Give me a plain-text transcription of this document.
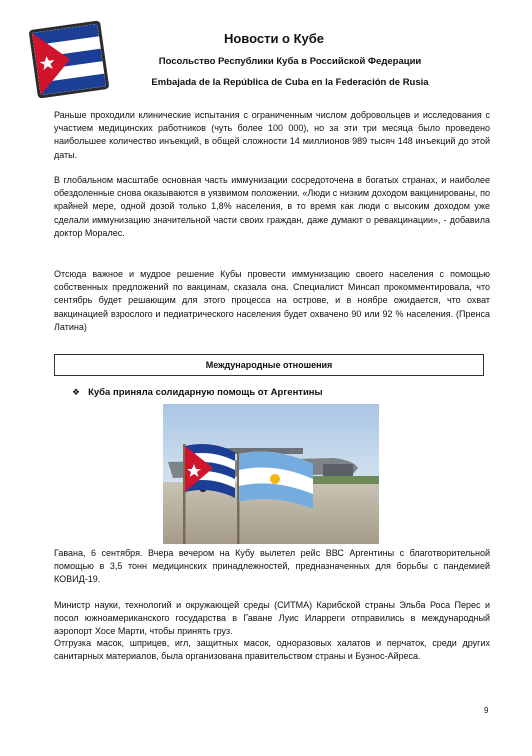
Новости о Кубе
Посольство Республики Куба в Российской Федерации
Embajada de la República de Cuba en la Federación de Rusia

Раньше проходили клинические испытания с ограниченным числом добровольцев и исследования с участием медицинских работников (чуть более 100 000), но за эти три месяца было проведено наибольшее количество инъекций, в общей сложности 14 миллионов 989 тысяч 148 инъекций до этой даты.

В глобальном масштабе основная часть иммунизации сосредоточена в богатых странах, и наиболее обездоленные снова оказываются в уязвимом положении. «Люди с низким доходом вакцинированы, по крайней мере, одной дозой только 1,8% населения, в то время как люди с высоким доходом уже сделали иммунизацию значительной части своих граждан, даже думают о ревакцинации», - добавила доктор Моралес.

Отсюда важное и мудрое решение Кубы провести иммунизацию своего населения с помощью собственных предложений по вакцинам, сказала она. Специалист Минсап прокомментировала, что сентябрь будет решающим для этого процесса на острове, и в ноябре ожидается, что охват вакцинацией взрослого и педиатрического населения будет охвачено 90 или 92 % населения. (Пренса Латина)

Международные отношения
❖ Куба приняла солидарную помощь от Аргентины

Гавана, 6 сентября. Вчера вечером на Кубу вылетел рейс ВВС Аргентины с благотворительной помощью в 3,5 тонн медицинских принадлежностей, предназначенных для борьбы с пандемией КОВИД-19.

Министр науки, технологий и окружающей среды (СИТМА) Карибской страны Эльба Роса Перес и посол южноамериканского государства в Гаване Луис Иларреги отправились в международный аэропорт Хосе Марти, чтобы принять груз.

Отгрузка масок, шприцев, игл, защитных масок, одноразовых халатов и перчаток, среди других санитарных материалов, была организована правительством страны и Буэнос-Айреса.

9
